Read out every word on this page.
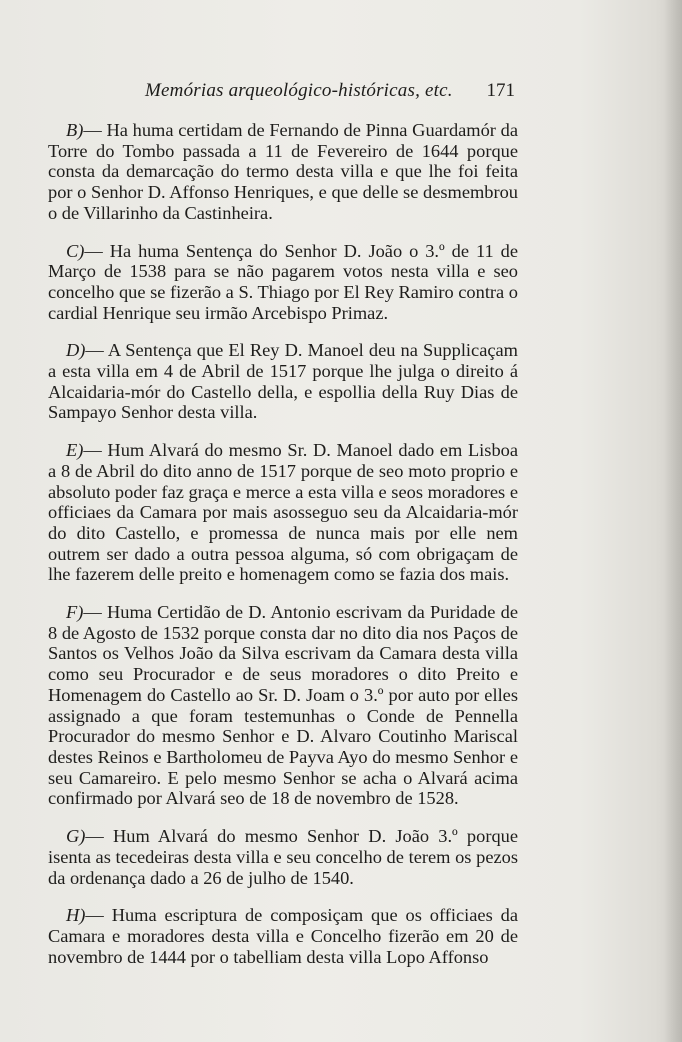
Memórias arqueológico-históricas, etc. 171

B)— Ha huma certidam de Fernando de Pinna Guardamór da Torre do Tombo passada a 11 de Fevereiro de 1644 porque consta da demarcação do termo desta villa e que lhe foi feita por o Senhor D. Affonso Henriques, e que delle se desmembrou o de Villarinho da Castinheira.

C)— Ha huma Sentença do Senhor D. João o 3.º de 11 de Março de 1538 para se não pagarem votos nesta villa e seo concelho que se fizerão a S. Thiago por El Rey Ramiro contra o cardial Henrique seu irmão Arcebispo Primaz.

D)— A Sentença que El Rey D. Manoel deu na Supplicaçam a esta villa em 4 de Abril de 1517 porque lhe julga o direito á Alcaidaria-mór do Castello della, e espollia della Ruy Dias de Sampayo Senhor desta villa.

E)— Hum Alvará do mesmo Sr. D. Manoel dado em Lisboa a 8 de Abril do dito anno de 1517 porque de seo moto proprio e absoluto poder faz graça e merce a esta villa e seos moradores e officiaes da Camara por mais asosseguo seu da Alcaidaria-mór do dito Castello, e promessa de nunca mais por elle nem outrem ser dado a outra pessoa alguma, só com obrigaçam de lhe fazerem delle preito e homenagem como se fazia dos mais.

F)— Huma Certidão de D. Antonio escrivam da Puridade de 8 de Agosto de 1532 porque consta dar no dito dia nos Paços de Santos os Velhos João da Silva escrivam da Camara desta villa como seu Procurador e de seus moradores o dito Preito e Homenagem do Castello ao Sr. D. Joam o 3.º por auto por elles assignado a que foram testemunhas o Conde de Pennella Procurador do mesmo Senhor e D. Alvaro Coutinho Mariscal destes Reinos e Bartholomeu de Payva Ayo do mesmo Senhor e seu Camareiro. E pelo mesmo Senhor se acha o Alvará acima confirmado por Alvará seo de 18 de novembro de 1528.

G)— Hum Alvará do mesmo Senhor D. João 3.º porque isenta as tecedeiras desta villa e seu concelho de terem os pezos da ordenança dado a 26 de julho de 1540.

H)— Huma escriptura de composiçam que os officiaes da Camara e moradores desta villa e Concelho fizerão em 20 de novembro de 1444 por o tabelliam desta villa Lopo Affonso
